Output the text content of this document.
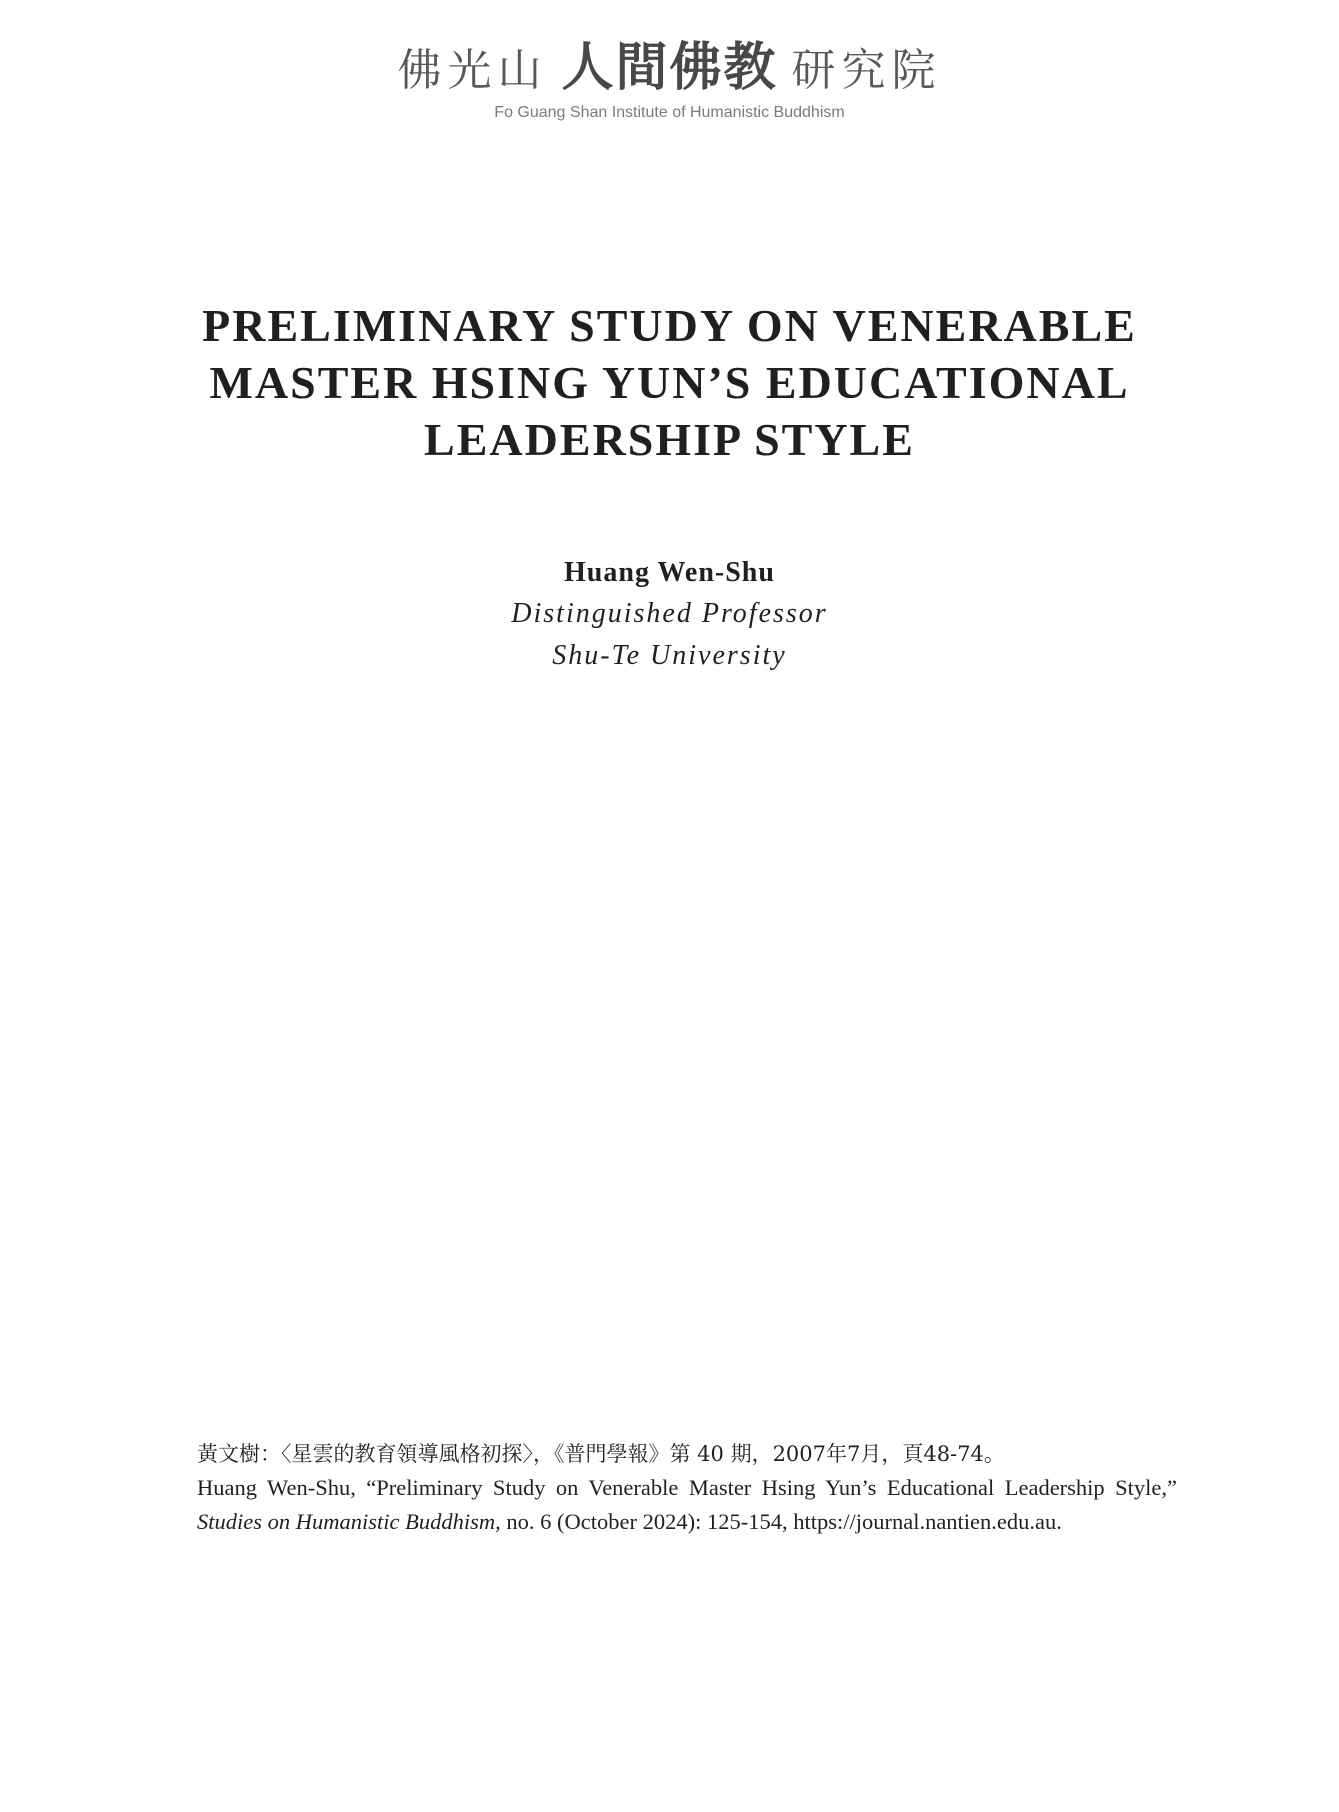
佛光山 人間佛教 研究院
Fo Guang Shan Institute of Humanistic Buddhism
PRELIMINARY STUDY ON VENERABLE
MASTER HSING YUN’S EDUCATIONAL
LEADERSHIP STYLE
Huang Wen-Shu
Distinguished Professor
Shu-Te University
黃文樹：〈星雲的教育領導風格初探〉，《普門學報》第 40 期，2007年7月，頁48-74。
Huang Wen-Shu, “Preliminary Study on Venerable Master Hsing Yun’s Educational Leadership Style,” Studies on Humanistic Buddhism, no. 6 (October 2024): 125-154, https://journal.nantien.edu.au.
